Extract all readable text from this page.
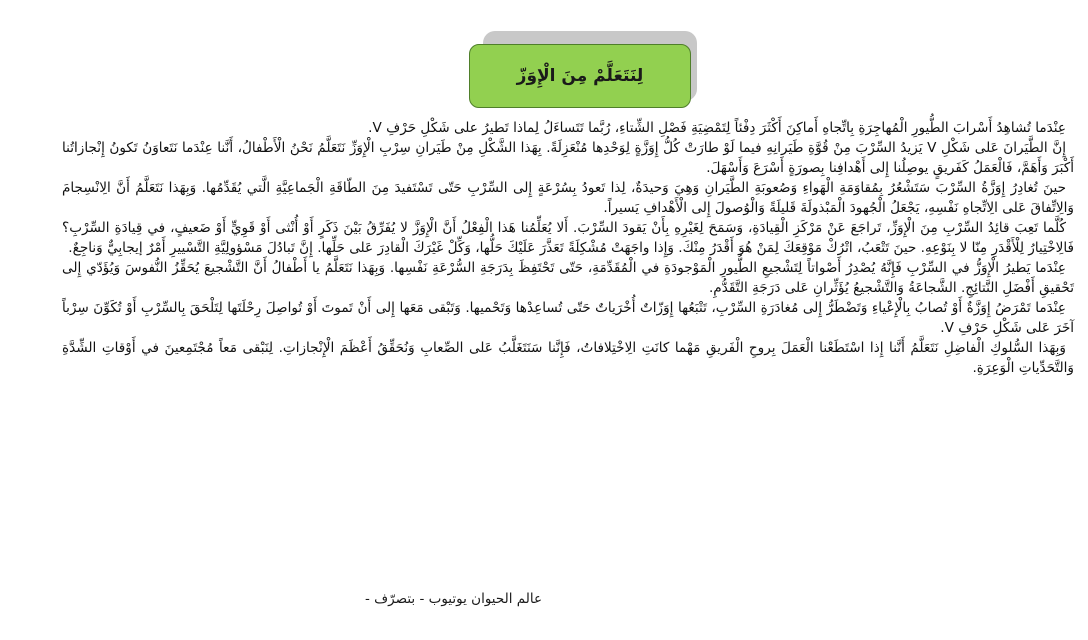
لِنَتَعَلَّمْ مِنَ الْإِوَزّ

عِنْدَما تُشاهِدُ أَسْرابَ الطُّيورِ الْمُهاجِرَةِ بِاتِّجاهِ أَماكِنَ أَكْثَرَ دِفْئاً لِتَمْضِيَةِ فَصْلِ الشِّتاءِ، رُبَّما تَتَساءَلُ لِماذا تَطيرُ على شَكْلِ حَرْفِ V.

إِنَّ الطَّيَرانَ عَلى شَكْلِ V يَزيدُ السِّرْبَ مِنْ قُوَّةِ طَيَرانِهِ فيما لَوْ طارَتْ كُلُّ إِوَزَّةٍ لِوَحْدِها مُنْعَزِلَةً. بِهَذا الشَّكْلِ مِنْ طَيَرانِ سِرْبِ الْإِوَزِّ نَتَعَلَّمُ نَحْنُ الْأَطْفالُ، أَنَّنا عِنْدَما نَتَعاوَنُ تَكونُ إِنْجازاتُنا أَكْبَرَ وَأَهَمَّ، فَالْعَمَلُ كَفَريقٍ يوصِلُنا إِلى أَهْدافِنا بِصورَةٍ أَسْرَعَ وَأَسْهَلَ.

حينَ تُغادِرُ إِوَزَّةُ السِّرْبَ سَتَشْعُرُ بِمُقاوَمَةِ الْهَواءِ وَصُعوبَةِ الطَّيَرانِ وَهِيَ وَحيدَةٌ، لِذا تَعودُ بِسُرْعَةٍ إِلى السِّرْبِ حَتّى تَسْتَفيدَ مِنَ الطّاقَةِ الْجَماعِيَّةِ الَّتي يُقَدِّمُها. وَبِهَذا نَتَعَلَّمُ أَنَّ الِانْسِجامَ وَالِاتِّفاقَ عَلى الِاتِّجاهِ نَفْسِهِ، يَجْعَلُ الْجُهودَ الْمَبْذولَةَ قَليلَةً وَالْوُصولَ إِلى الْأَهْدافِ يَسيراً.

كُلَّما تَعِبَ قائِدُ السِّرْبِ مِنَ الْإِوَزِّ، تَراجَعَ عَنْ مَرْكَزِ الْقِيادَةِ، وَسَمَحَ لِغَيْرِهِ بِأَنْ يَقودَ السِّرْبَ. أَلا يُعَلِّمُنا هَذا الْفِعْلُ أَنَّ الْإِوَزَّ لا يُفَرِّقُ بَيْنَ ذَكَرٍ أَوْ أُنْثى أَوْ قَوِيٍّ أَوْ ضَعيفٍ، في قِيادَةِ السِّرْبِ؟ فَالِاخْتِيارُ لِلْأَقْدَرِ مِنّا لا بِنَوْعِهِ. حينَ تَتْعَبُ، اتْرُكْ مَوْقِعَكَ لِمَنْ هُوَ أَقْدَرُ مِنْكَ. وَإِذا واجَهَتْ مُشْكِلَةً تَعَذَّرَ عَلَيْكَ حَلُّها، وَكِّلْ غَيْرَكَ الْقادِرَ عَلى حَلِّها. إِنَّ تَبادُلَ مَسْؤولِيَّةِ التَّسْييرِ أَمْرٌ إيجابِيٌّ وَناجِعٌ.

عِنْدَما يَطيرُ الْإِوَزُّ في السِّرْبِ فَإِنَّهُ يُصْدِرُ أَصْواتاً لِتَشْجيعِ الطُّيورِ الْمَوْجودَةِ في الْمُقَدِّمَةِ، حَتّى تَحْتَفِظَ بِدَرَجَةِ السُّرْعَةِ نَفْسِها. وَبِهَذا نَتَعَلَّمُ يا أَطْفالُ أَنَّ التَّشْجيعَ يُحَقِّزُ النُّفوسَ وَيُؤَدّي إِلى تَحْقيقِ أَفْضَلِ النَّتائِجِ. الشَّجاعَةُ وَالتَّشْجيعُ يُؤَثِّرانِ عَلى دَرَجَةِ التَّقَدُّمِ.

عِنْدَما تَمْرَضُ إِوَزَّةٌ أَوْ تُصابُ بِالْإِعْياءِ وَتَضْطَرُّ إِلى مُغادَرَةِ السِّرْبِ، تَتْبَعُها إِوَزّاتٌ أُخْرَياتٌ حَتّى تُساعِدْها وَتَحْميها. وَتَبْقى مَعَها إِلى أَنْ تَموتَ أَوْ تُواصِلَ رِحْلَتَها لِتَلْحَقَ بِالسِّرْبِ أَوْ تُكَوِّنَ سِرْباً آخَرَ عَلى شَكْلِ حَرْفِ V.

وَبِهَذا السُّلوكِ الْفاضِلِ نَتَعَلَّمُ أَنَّنا إِذا اسْتَطَعْنا الْعَمَلَ بِروحِ الْفَريقِ مَهْما كانَتِ الِاخْتِلافاتُ، فَإِنَّنا سَنَتَغَلَّبُ عَلى الصِّعابِ وَنُحَقِّقُ أَعْظَمَ الْإِنْجازاتِ. لِنَبْقى مَعاً مُجْتَمِعينَ في أَوْقاتِ الشِّدَّةِ وَالتَّحَدِّياتِ الْوَعِرَةِ.

عالم الحيوان يوتيوب - بتصرّف -
